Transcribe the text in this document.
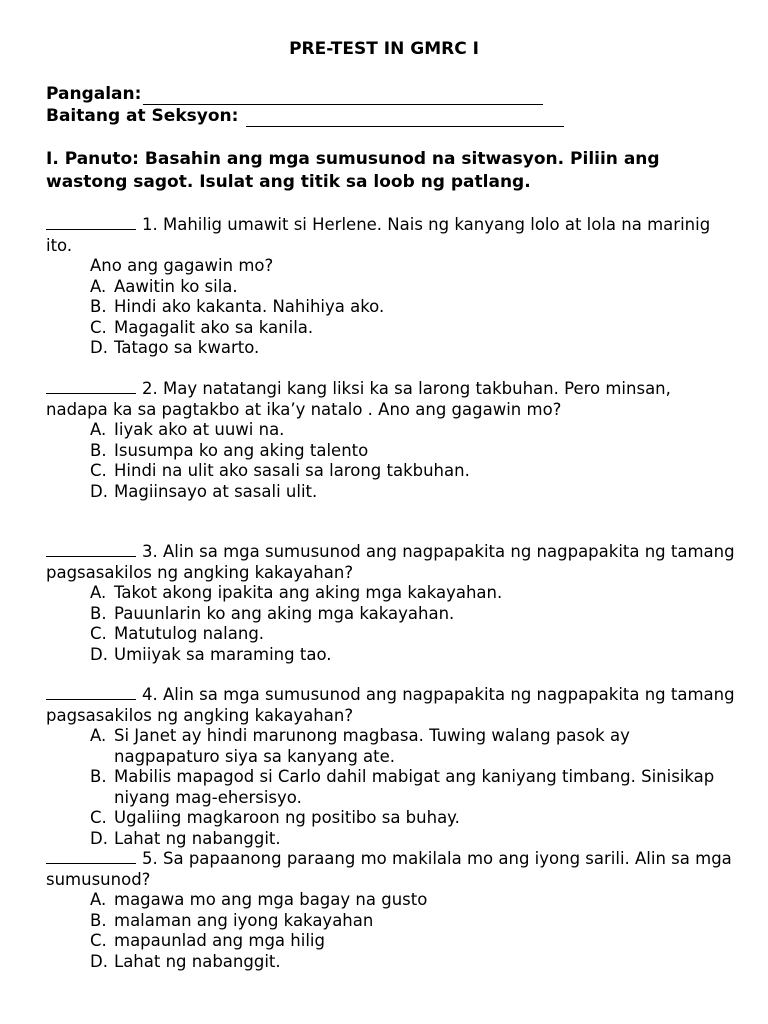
PRE-TEST IN GMRC I
Pangalan:
Baitang at Seksyon:
I. Panuto: Basahin ang mga sumusunod na sitwasyon. Piliin ang wastong sagot. Isulat ang titik sa loob ng patlang.
1. Mahilig umawit si Herlene. Nais ng kanyang lolo at lola na marinig ito.
Ano ang gagawin mo?
A. Aawitin ko sila.
B. Hindi ako kakanta. Nahihiya ako.
C. Magagalit ako sa kanila.
D. Tatago sa kwarto.
2. May natatangi kang liksi ka sa larong takbuhan. Pero minsan, nadapa ka sa pagtakbo at ika’y natalo . Ano ang gagawin mo?
A. Iiyak ako at uuwi na.
B. Isusumpa ko ang aking talento
C. Hindi na ulit ako sasali sa larong takbuhan.
D. Magiinsayo at sasali ulit.
3. Alin sa mga sumusunod ang nagpapakita ng nagpapakita ng tamang pagsasakilos ng angking kakayahan?
A. Takot akong ipakita ang aking mga kakayahan.
B. Pauunlarin ko ang aking mga kakayahan.
C. Matutulog nalang.
D. Umiiyak sa maraming tao.
4. Alin sa mga sumusunod ang nagpapakita ng nagpapakita ng tamang pagsasakilos ng angking kakayahan?
A. Si Janet ay hindi marunong magbasa. Tuwing walang pasok ay nagpapaturo siya sa kanyang ate.
B. Mabilis mapagod si Carlo dahil mabigat ang kaniyang timbang. Sinisikap niyang mag-ehersisyo.
C. Ugaliing magkaroon ng positibo sa buhay.
D. Lahat ng nabanggit.
5. Sa papaanong paraang mo makilala mo ang iyong sarili. Alin sa mga sumusunod?
A. magawa mo ang mga bagay na gusto
B. malaman ang iyong kakayahan
C. mapaunlad ang mga hilig
D. Lahat ng nabanggit.
